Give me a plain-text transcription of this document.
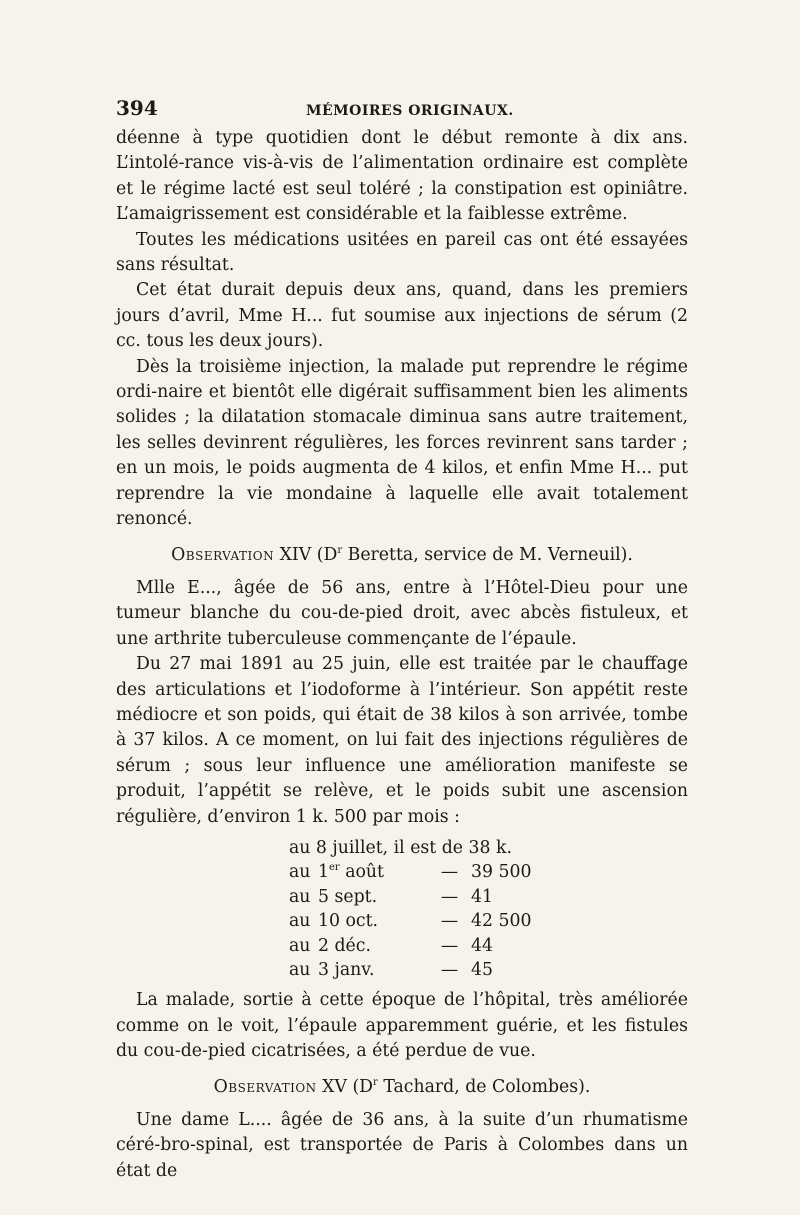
394	MÉMOIRES ORIGINAUX.

déenne à type quotidien dont le début remonte à dix ans. L’intolé-rance vis-à-vis de l’alimentation ordinaire est complète et le régime lacté est seul toléré ; la constipation est opiniâtre. L’amaigrissement est considérable et la faiblesse extrême.

Toutes les médications usitées en pareil cas ont été essayées sans résultat.

Cet état durait depuis deux ans, quand, dans les premiers jours d’avril, Mme H... fut soumise aux injections de sérum (2 cc. tous les deux jours).

Dès la troisième injection, la malade put reprendre le régime ordi-naire et bientôt elle digérait suffisamment bien les aliments solides ; la dilatation stomacale diminua sans autre traitement, les selles devinrent régulières, les forces revinrent sans tarder ; en un mois, le poids augmenta de 4 kilos, et enfin Mme H... put reprendre la vie mondaine à laquelle elle avait totalement renoncé.

Observation XIV ($D^r$ Beretta, service de M. Verneuil).

Mlle E..., âgée de 56 ans, entre à l’Hôtel-Dieu pour une tumeur blanche du cou-de-pied droit, avec abcès fistuleux, et une arthrite tuberculeuse commençante de l’épaule.

Du 27 mai 1891 au 25 juin, elle est traitée par le chauffage des articulations et l’iodoforme à l’intérieur. Son appétit reste médiocre et son poids, qui était de 38 kilos à son arrivée, tombe à 37 kilos. A ce moment, on lui fait des injections régulières de sérum ; sous leur influence une amélioration manifeste se produit, l’appétit se relève, et le poids subit une ascension régulière, d’environ 1 k. 500 par mois :

au 8 juillet, il est de 38 k.
au 1er août	— 39 500
au 5 sept.	— 41
au 10 oct.	— 42 500
au 2 déc.	— 44
au 3 janv.	— 45

La malade, sortie à cette époque de l’hôpital, très améliorée comme on le voit, l’épaule apparemment guérie, et les fistules du cou-de-pied cicatrisées, a été perdue de vue.

Observation XV ($D^r$ Tachard, de Colombes).

Une dame L.... âgée de 36 ans, à la suite d’un rhumatisme céré-bro-spinal, est transportée de Paris à Colombes dans un état de
